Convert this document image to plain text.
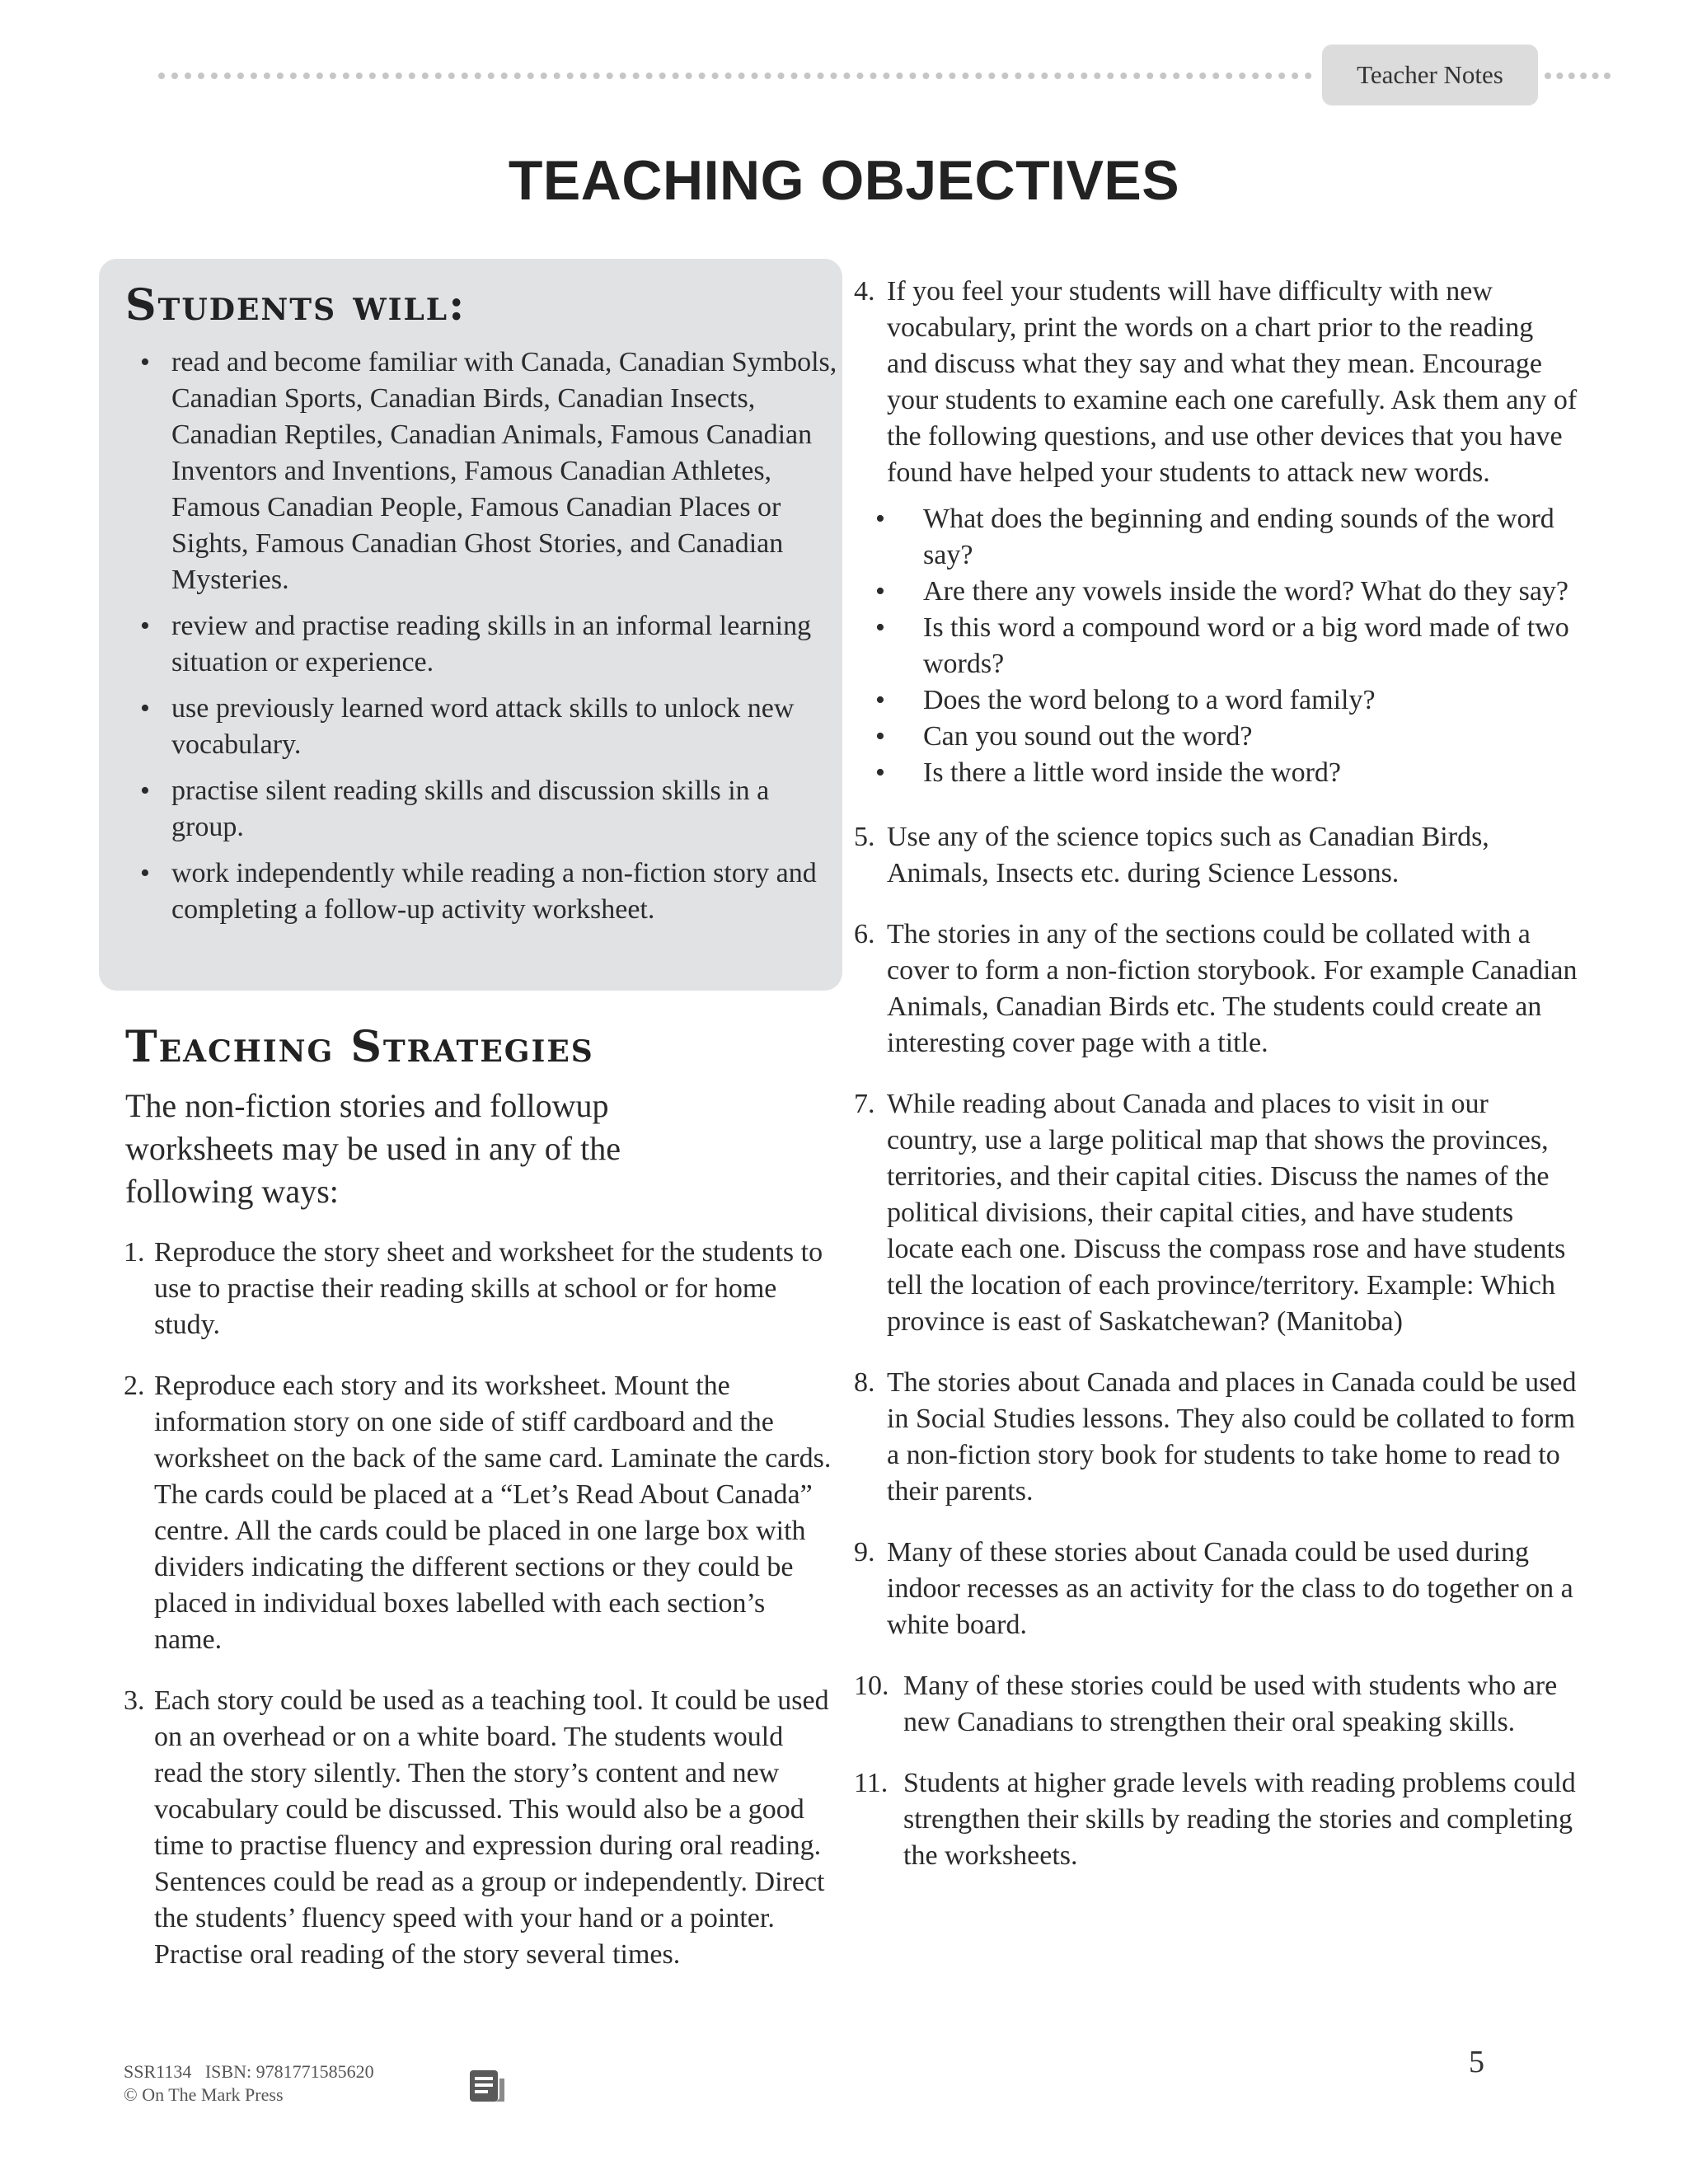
Teacher Notes
TEACHING OBJECTIVES
Students will:
• read and become familiar with Canada, Canadian Symbols, Canadian Sports, Canadian Birds, Canadian Insects, Canadian Reptiles, Canadian Animals, Famous Canadian Inventors and Inventions, Famous Canadian Athletes, Famous Canadian People, Famous Canadian Places or Sights, Famous Canadian Ghost Stories, and Canadian Mysteries.
• review and practise reading skills in an informal learning situation or experience.
• use previously learned word attack skills to unlock new vocabulary.
• practise silent reading skills and discussion skills in a group.
• work independently while reading a non-fiction story and completing a follow-up activity worksheet.
Teaching Strategies
The non-fiction stories and followup worksheets may be used in any of the following ways:
1. Reproduce the story sheet and worksheet for the students to use to practise their reading skills at school or for home study.
2. Reproduce each story and its worksheet. Mount the information story on one side of stiff cardboard and the worksheet on the back of the same card. Laminate the cards. The cards could be placed at a “Let’s Read About Canada” centre. All the cards could be placed in one large box with dividers indicating the different sections or they could be placed in individual boxes labelled with each section’s name.
3. Each story could be used as a teaching tool. It could be used on an overhead or on a white board. The students would read the story silently. Then the story’s content and new vocabulary could be discussed. This would also be a good time to practise fluency and expression during oral reading. Sentences could be read as a group or independently. Direct the students’ fluency speed with your hand or a pointer. Practise oral reading of the story several times.
4. If you feel your students will have difficulty with new vocabulary, print the words on a chart prior to the reading and discuss what they say and what they mean. Encourage your students to examine each one carefully. Ask them any of the following questions, and use other devices that you have found have helped your students to attack new words.
• What does the beginning and ending sounds of the word say?
• Are there any vowels inside the word? What do they say?
• Is this word a compound word or a big word made of two words?
• Does the word belong to a word family?
• Can you sound out the word?
• Is there a little word inside the word?
5. Use any of the science topics such as Canadian Birds, Animals, Insects etc. during Science Lessons.
6. The stories in any of the sections could be collated with a cover to form a non-fiction storybook. For example Canadian Animals, Canadian Birds etc. The students could create an interesting cover page with a title.
7. While reading about Canada and places to visit in our country, use a large political map that shows the provinces, territories, and their capital cities. Discuss the names of the political divisions, their capital cities, and have students locate each one. Discuss the compass rose and have students tell the location of each province/territory. Example: Which province is east of Saskatchewan? (Manitoba)
8. The stories about Canada and places in Canada could be used in Social Studies lessons. They also could be collated to form a non-fiction story book for students to take home to read to their parents.
9. Many of these stories about Canada could be used during indoor recesses as an activity for the class to do together on a white board.
10. Many of these stories could be used with students who are new Canadians to strengthen their oral speaking skills.
11. Students at higher grade levels with reading problems could strengthen their skills by reading the stories and completing the worksheets.
SSR1134   ISBN: 9781771585620
© On The Mark Press
5
